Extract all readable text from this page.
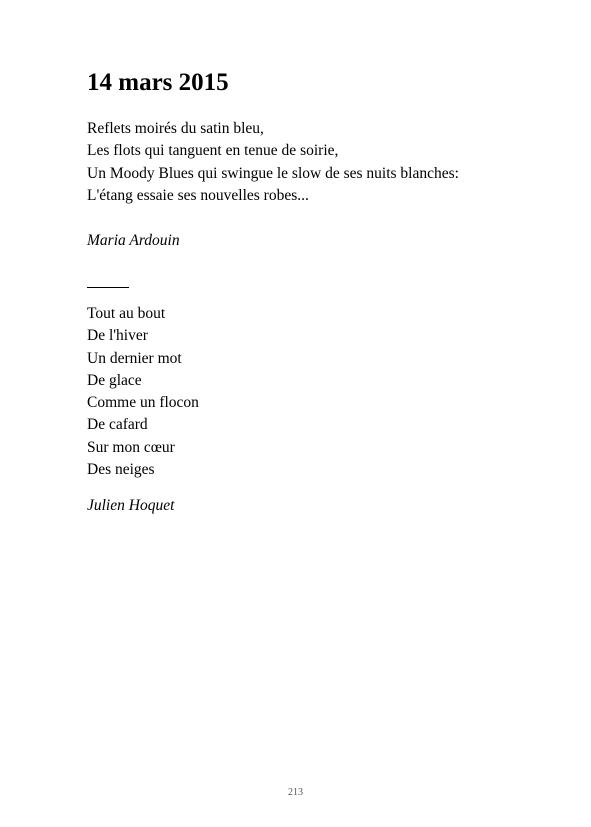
14 mars 2015
Reflets moirés du satin bleu,
Les flots qui tanguent en tenue de soirie,
Un Moody Blues qui swingue le slow de ses nuits blanches:
L'étang essaie ses nouvelles robes...

Maria Ardouin

Tout au bout
De l'hiver
Un dernier mot
De glace
Comme un flocon
De cafard
Sur mon cœur
Des neiges

Julien Hoquet

213
